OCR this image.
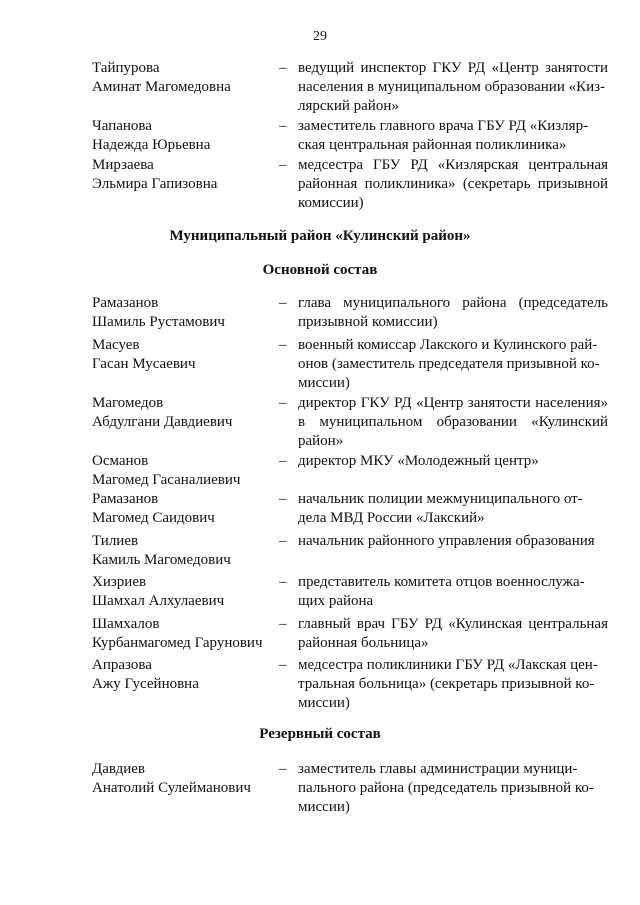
29
Тайпурова
Аминат Магомедовна
– ведущий инспектор ГКУ РД «Центр занятости населения в муниципальном образовании «Киз-
лярский район»
Чапанова
Надежда Юрьевна
– заместитель главного врача ГБУ РД «Кизляр-
ская центральная районная поликлиника»
Мирзаева
Эльмира Гапизовна
– медсестра ГБУ РД «Кизлярская центральная районная поликлиника» (секретарь призывной комиссии)
Муниципальный район «Кулинский район»
Основной состав
Рамазанов
Шамиль Рустамович
– глава муниципального района (председатель призывной комиссии)
Масуев
Гасан Мусаевич
– военный комиссар Лакского и Кулинского рай-
онов (заместитель председателя призывной ко-
миссии)
Магомедов
Абдулгани Давдиевич
– директор ГКУ РД «Центр занятости населения» в муниципальном образовании «Кулинский район»
Османов
Магомед Гасаналиевич
– директор МКУ «Молодежный центр»
Рамазанов
Магомед Саидович
– начальник полиции межмуниципального от-
дела МВД России «Лакский»
Тилиев
Камиль Магомедович
– начальник районного управления образования
Хизриев
Шамхал Алхулаевич
– представитель комитета отцов военнослужа-
щих района
Шамхалов
Курбанмагомед Гарунович
– главный врач ГБУ РД «Кулинская центральная районная больница»
Апразова
Ажу Гусейновна
– медсестра поликлиники ГБУ РД «Лакская цен-
тральная больница» (секретарь призывной ко-
миссии)
Резервный состав
Давдиев
Анатолий Сулейманович
– заместитель главы администрации муници-
пального района (председатель призывной ко-
миссии)
